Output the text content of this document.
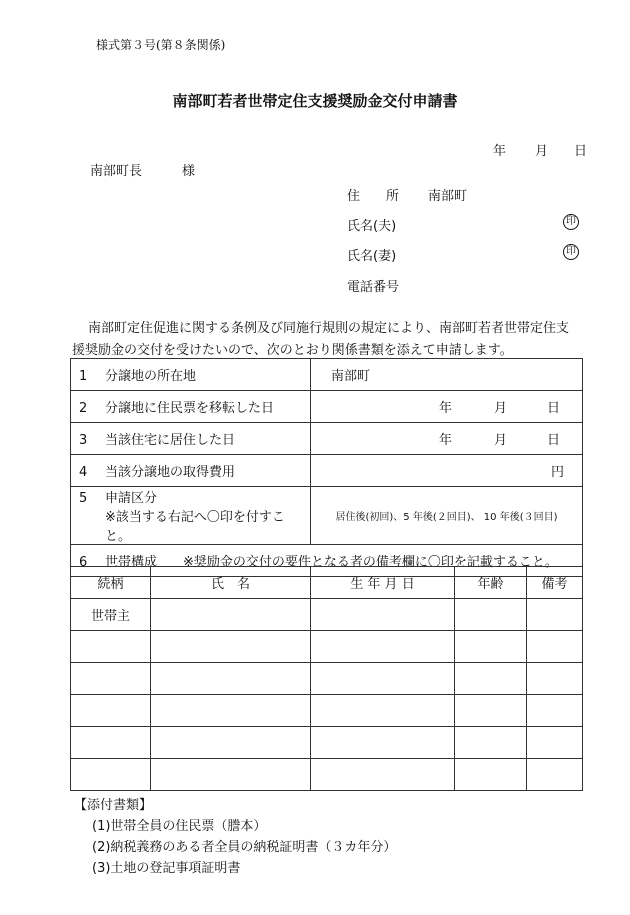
様式第３号(第８条関係)
南部町若者世帯定住支援奨励金交付申請書
年 月 日
南部町長	様
住　　所 南部町
氏名(夫)	印
氏名(妻)	印
電話番号

南部町定住促進に関する条例及び同施行規則の規定により、南部町若者世帯定住支

援奨励金の交付を受けたいので、次のとおり関係書類を添えて申請します。

1 分譲地の所在地	南部町
2 分譲地に住民票を移転した日	年 月 日
3 当該住宅に居住した日	年 月 日
4 当該分譲地の取得費用	円

5 申請区分
※該当する右記へ〇印を付すこと。	居住後(初回)、5 年後(２回目)、 10 年後(３回目)
6 世帯構成 ※奨励金の交付の要件となる者の備考欄に〇印を記載すること。	
続柄	氏　名	生 年 月 日	年齢	備考
世帯主				

【添付書類】
(1)世帯全員の住民票（謄本）
(2)納税義務のある者全員の納税証明書（３カ年分）
(3)土地の登記事項証明書
